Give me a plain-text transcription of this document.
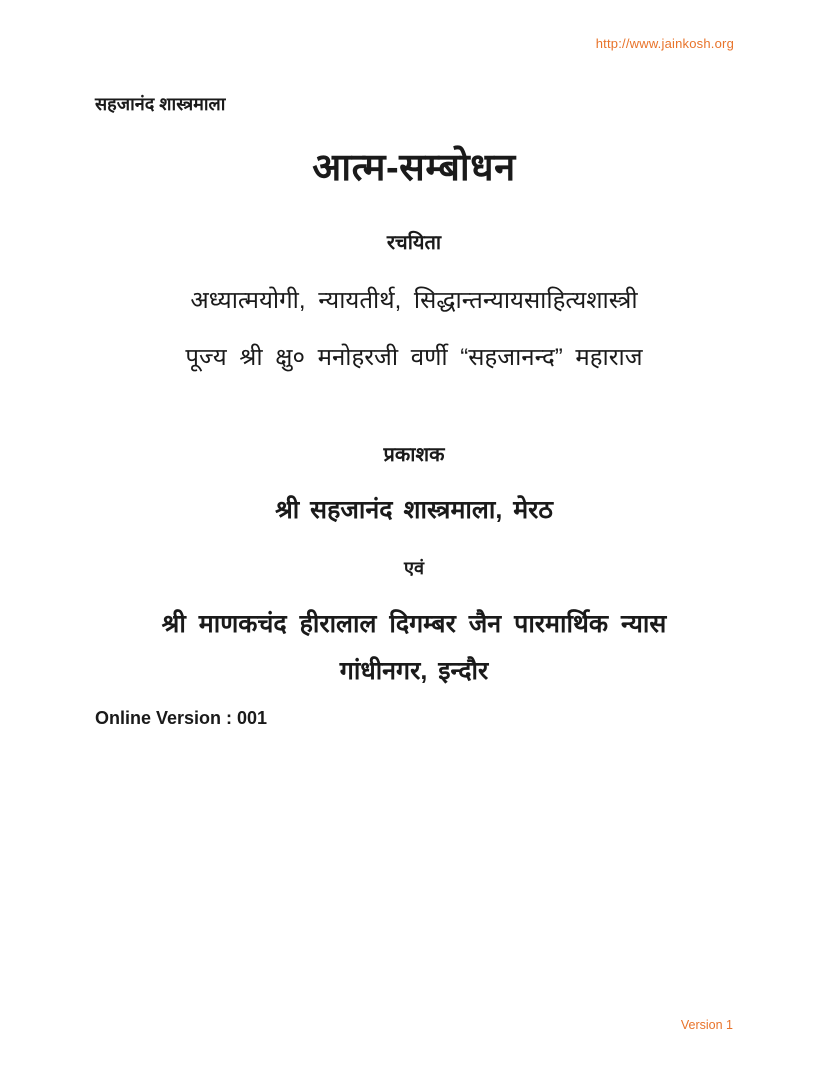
http://www.jainkosh.org
सहजानंद शास्त्रमाला
आत्म-सम्बोधन
रचयिता
अध्यात्मयोगी, न्यायतीर्थ, सिद्धान्तन्यायसाहित्यशास्त्री
पूज्य श्री क्षु० मनोहरजी वर्णी “सहजानन्द” महाराज
प्रकाशक
श्री सहजानंद शास्त्रमाला, मेरठ
एवं
श्री माणकचंद हीरालाल दिगम्बर जैन पारमार्थिक न्यास
गांधीनगर, इन्दौर
Online Version : 001
Version 1
